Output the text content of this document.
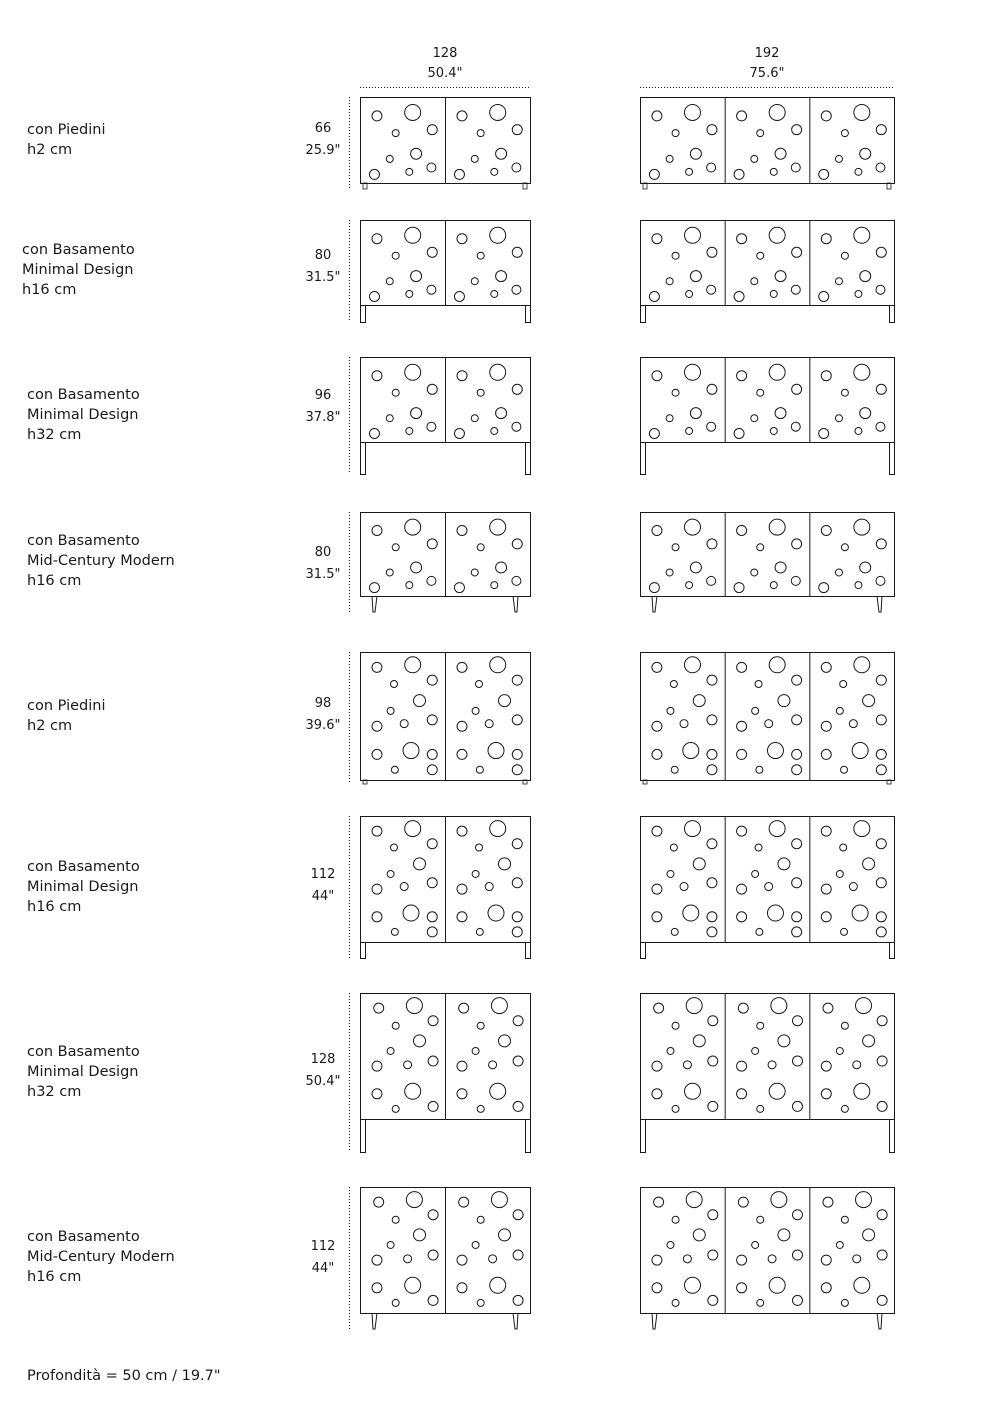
128
50.4"
192
75.6"
con Piedini
h2 cm
66
25.9"
con Basamento
Minimal Design
h16 cm
80
31.5"
con Basamento
Minimal Design
h32 cm
96
37.8"
con Basamento
Mid-Century Modern
h16 cm
80
31.5"
con Piedini
h2 cm
98
39.6"
con Basamento
Minimal Design
h16 cm
112
44"
con Basamento
Minimal Design
h32 cm
128
50.4"
con Basamento
Mid-Century Modern
h16 cm
112
44"
Profondità = 50 cm / 19.7"
